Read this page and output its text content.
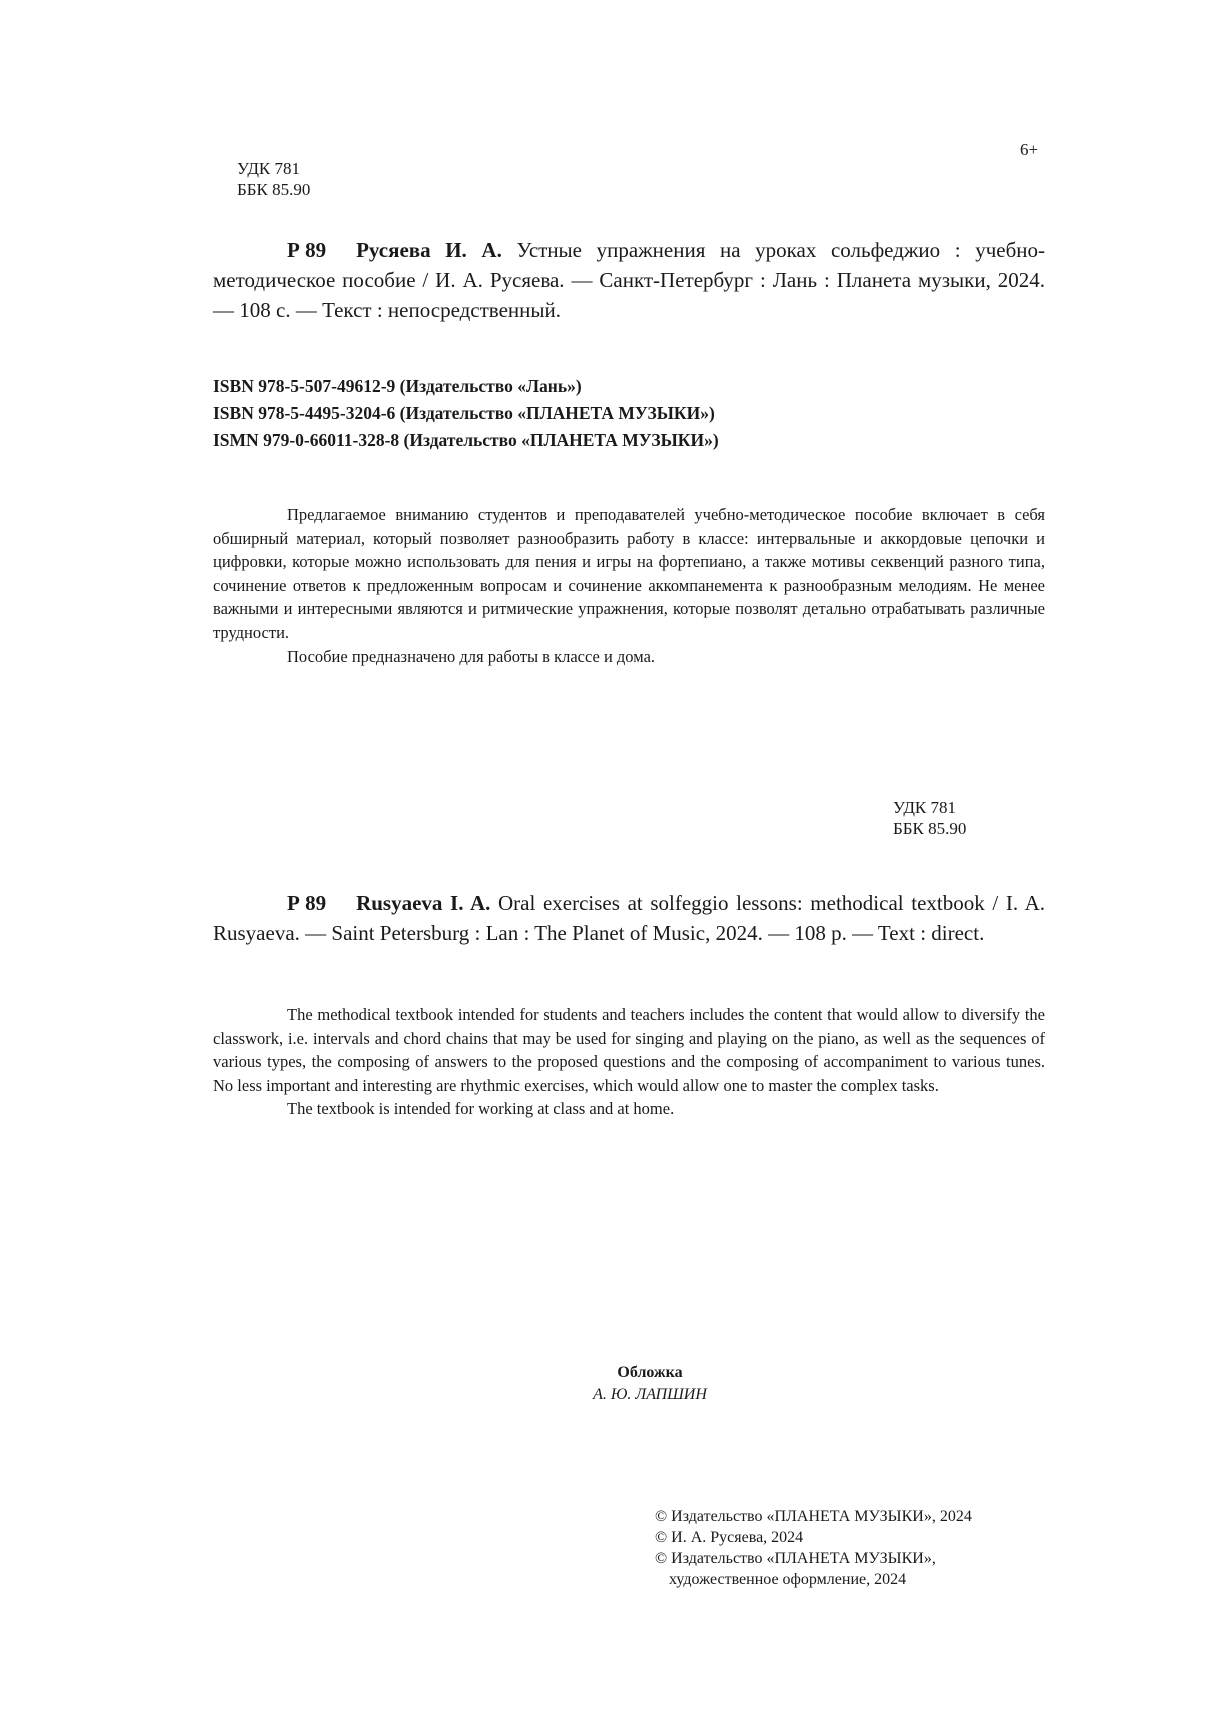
6+
УДК 781
ББК 85.90
Р 89 Русяева И. А. Устные упражнения на уроках сольфеджио : учебно-методическое пособие / И. А. Русяева. — Санкт-Петербург : Лань : Планета музыки, 2024. — 108 с. — Текст : непосредственный.
ISBN 978-5-507-49612-9 (Издательство «Лань»)
ISBN 978-5-4495-3204-6 (Издательство «ПЛАНЕТА МУЗЫКИ»)
ISMN 979-0-66011-328-8 (Издательство «ПЛАНЕТА МУЗЫКИ»)

Предлагаемое вниманию студентов и преподавателей учебно-методическое пособие включает в себя обширный материал, который позволяет разнообразить работу в классе: интервальные и аккордовые цепочки и цифровки, которые можно использовать для пения и игры на фортепиано, а также мотивы секвенций разного типа, сочинение ответов к предложенным вопросам и сочинение аккомпанемента к разнообразным мелодиям. Не менее важными и интересными являются и ритмические упражнения, которые позволят детально отрабатывать различные трудности.

Пособие предназначено для работы в классе и дома.

УДК 781
ББК 85.90
Р 89 Rusyaeva I. A. Oral exercises at solfeggio lessons: methodical textbook / I. A. Rusyaeva. — Saint Petersburg : Lan : The Planet of Music, 2024. — 108 p. — Text : direct.

The methodical textbook intended for students and teachers includes the content that would allow to diversify the classwork, i.e. intervals and chord chains that may be used for singing and playing on the piano, as well as the sequences of various types, the composing of answers to the proposed questions and the composing of accompaniment to various tunes. No less important and interesting are rhythmic exercises, which would allow one to master the complex tasks.

The textbook is intended for working at class and at home.

Обложка
А. Ю. ЛАПШИН
© Издательство «ПЛАНЕТА МУЗЫКИ», 2024
© И. А. Русяева, 2024
© Издательство «ПЛАНЕТА МУЗЫКИ»,
художественное оформление, 2024
